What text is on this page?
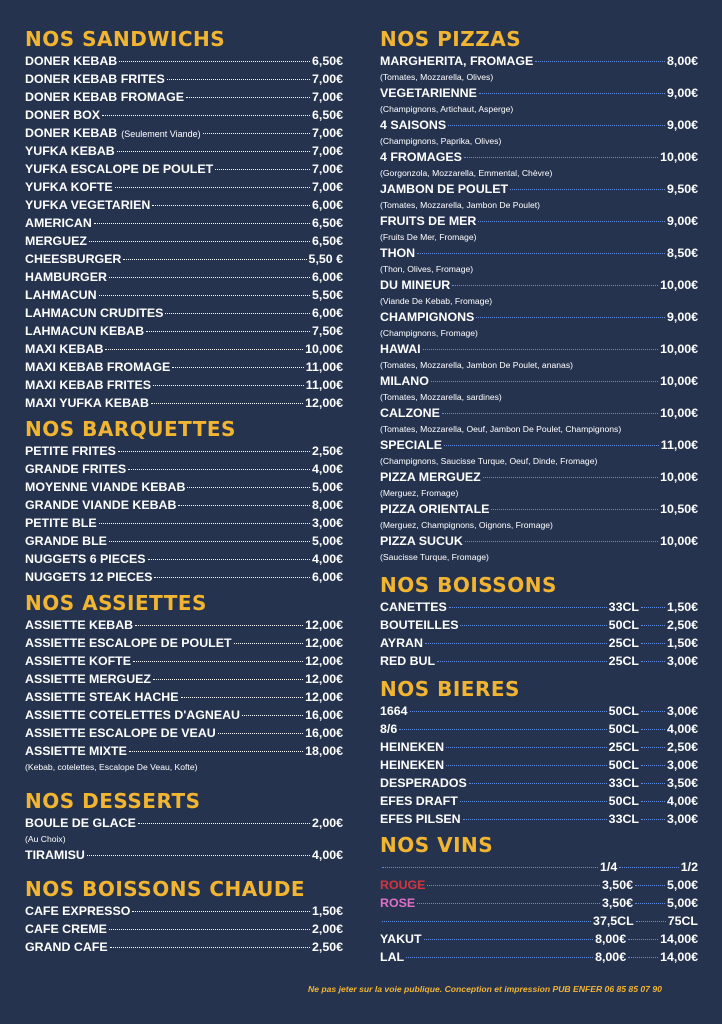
NOS SANDWICHS
DONER KEBAB	6,50€
DONER KEBAB FRITES	7,00€
DONER KEBAB FROMAGE	7,00€
DONER BOX	6,50€
DONER KEBAB (Seulement Viande)	7,00€
YUFKA KEBAB	7,00€
YUFKA ESCALOPE DE POULET	7,00€
YUFKA KOFTE	7,00€
YUFKA VEGETARIEN	6,00€
AMERICAN	6,50€
MERGUEZ	6,50€
CHEESBURGER	5,50 €
HAMBURGER	6,00€
LAHMACUN	5,50€
LAHMACUN CRUDITES	6,00€
LAHMACUN KEBAB	7,50€
MAXI KEBAB	10,00€
MAXI KEBAB FROMAGE	11,00€
MAXI KEBAB FRITES	11,00€
MAXI YUFKA KEBAB	12,00€
NOS BARQUETTES
PETITE FRITES	2,50€
GRANDE FRITES	4,00€
MOYENNE VIANDE KEBAB	5,00€
GRANDE VIANDE KEBAB	8,00€
PETITE BLE	3,00€
GRANDE BLE	5,00€
NUGGETS 6 PIECES	4,00€
NUGGETS 12 PIECES	6,00€
NOS ASSIETTES
ASSIETTE KEBAB	12,00€
ASSIETTE ESCALOPE DE POULET	12,00€
ASSIETTE KOFTE	12,00€
ASSIETTE MERGUEZ	12,00€
ASSIETTE STEAK HACHE	12,00€
ASSIETTE COTELETTES D'AGNEAU	16,00€
ASSIETTE ESCALOPE DE VEAU	16,00€
ASSIETTE MIXTE	18,00€
(Kebab, cotelettes, Escalope De Veau, Kofte)
NOS DESSERTS
BOULE DE GLACE	2,00€
(Au Choix)
TIRAMISU	4,00€
NOS BOISSONS CHAUDE
CAFE EXPRESSO	1,50€
CAFE CREME	2,00€
GRAND CAFE	2,50€
NOS PIZZAS
MARGHERITA, FROMAGE	8,00€
(Tomates, Mozzarella, Olives)
VEGETARIENNE	9,00€
(Champignons, Artichaut, Asperge)
4 SAISONS	9,00€
(Champignons, Paprika, Olives)
4 FROMAGES	10,00€
(Gorgonzola, Mozzarella, Emmental, Chèvre)
JAMBON DE POULET	9,50€
(Tomates, Mozzarella, Jambon De Poulet)
FRUITS DE MER	9,00€
(Fruits De Mer, Fromage)
THON	8,50€
(Thon, Olives, Fromage)
DU MINEUR	10,00€
(Viande De Kebab, Fromage)
CHAMPIGNONS	9,00€
(Champignons, Fromage)
HAWAI	10,00€
(Tomates, Mozzarella, Jambon De Poulet, ananas)
MILANO	10,00€
(Tomates, Mozzarella, sardines)
CALZONE	10,00€
(Tomates, Mozzarella, Oeuf, Jambon De Poulet, Champignons)
SPECIALE	11,00€
(Champignons, Saucisse Turque, Oeuf, Dinde, Fromage)
PIZZA MERGUEZ	10,00€
(Merguez, Fromage)
PIZZA ORIENTALE	10,50€
(Merguez, Champignons, Oignons, Fromage)
PIZZA SUCUK	10,00€
(Saucisse Turque, Fromage)
NOS BOISSONS
CANETTES	33CL 1,50€
BOUTEILLES	50CL 2,50€
AYRAN	25CL 1,50€
RED BUL	25CL 3,00€
NOS BIERES
1664	50CL 3,00€
8/6	50CL 4,00€
HEINEKEN	25CL 2,50€
HEINEKEN	50CL 3,00€
DESPERADOS	33CL 3,50€
EFES DRAFT	50CL 4,00€
EFES PILSEN	33CL 3,00€
NOS VINS
1/4	1/2
ROUGE	3,50€	5,00€
ROSE	3,50€	5,00€
37,5CL	75CL
YAKUT	8,00€	14,00€
LAL	8,00€	14,00€
Ne pas jeter sur la voie publique. Conception et impression PUB ENFER 06 85 85 07 90
